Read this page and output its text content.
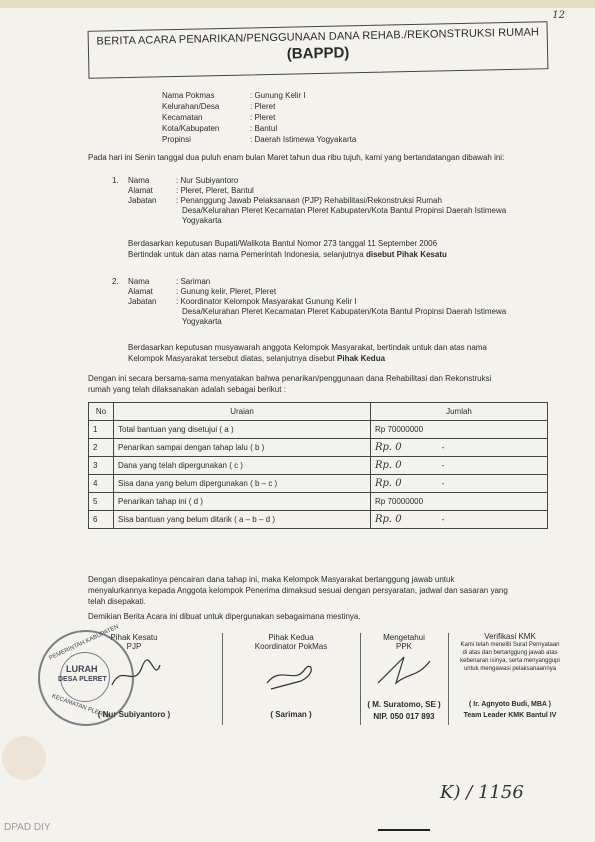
12
BERITA ACARA PENARIKAN/PENGGUNAAN DANA REHAB./REKONSTRUKSI RUMAH
(BAPPD)
Nama Pokmas	: Gunung Kelir I
Kelurahan/Desa	: Pleret
Kecamatan	: Pleret
Kota/Kabupaten	: Bantul
Propinsi	: Daerah Istimewa Yogyakarta
Pada hari ini Senin tanggal dua puluh enam bulan Maret tahun dua ribu tujuh, kami yang bertandatangan dibawah ini:
1.	Nama	: Nur Subiyantoro
Alamat	: Pleret, Pleret, Bantul
Jabatan	: Penanggung Jawab Pelaksanaan (PJP) Rehabilitasi/Rekonstruksi Rumah
Desa/Kelurahan Pleret Kecamatan Pleret Kabupaten/Kota Bantul Propinsi Daerah Istimewa
Yogyakarta
Berdasarkan keputusan Bupati/Walikota Bantul Nomor 273 tanggal 11 September 2006
Bertindak untuk dan atas nama Pemerintah Indonesia, selanjutnya disebut Pihak Kesatu
2.	Nama	: Sariman
Alamat	: Gunung kelir, Pleret, Pleret
Jabatan	: Koordinator Kelompok Masyarakat Gunung Kelir I
Desa/Kelurahan Pleret Kecamatan Pleret Kabupaten/Kota Bantul Propinsi Daerah Istimewa
Yogyakarta
Berdasarkan keputusan musyawarah anggota Kelompok Masyarakat, bertindak untuk dan atas nama
Kelompok Masyarakat tersebut diatas, selanjutnya disebut Pihak Kedua
Dengan ini secara bersama-sama menyatakan bahwa penarikan/penggunaan dana Rehabilitasi dan Rekonstruksi
rumah yang telah dilaksanakan adalah sebagai berikut :
No	Uraian	Jumlah
1	Total bantuan yang disetujui ( a )	Rp 70000000
2	Penarikan sampai dengan tahap lalu ( b )	Rp. 0 -
3	Dana yang telah dipergunakan ( c )	Rp. 0 -
4	Sisa dana yang belum dipergunakan ( b – c )	Rp. 0 -
5	Penarikan tahap ini ( d )	Rp 70000000
6	Sisa bantuan yang belum ditarik ( a – b – d )	Rp. 0 -
Dengan disepakatinya pencairan dana tahap ini, maka Kelompok Masyarakat bertanggung jawab untuk
menyalurkannya kepada Anggota kelompok Penerima dimaksud sesuai dengan persyaratan, jadwal dan sasaran yang
telah disepakati.
Demikian Berita Acara ini dibuat untuk dipergunakan sebagaimana mestinya.
Pihak Kesatu
PJP
( Nur Subiyantoro )
Pihak Kedua
Koordinator PokMas
( Sariman )
Mengetahui
PPK
( M. Suratomo, SE )
NIP. 050 017 893
Verifikasi KMK
Kami telah meneliti Surat Pernyataan
di atas dan bertanggung jawab atas
kebenaran isinya, serta menyanggupi
untuk mengawasi pelaksanaannya
( Ir. Agnyoto Budi, MBA )
Team Leader KMK Bantul IV
PEMERINTAH KABUPATEN
LURAH
DESA PLERET
KECAMATAN PLERET
K) / 1156
DPAD DIY
